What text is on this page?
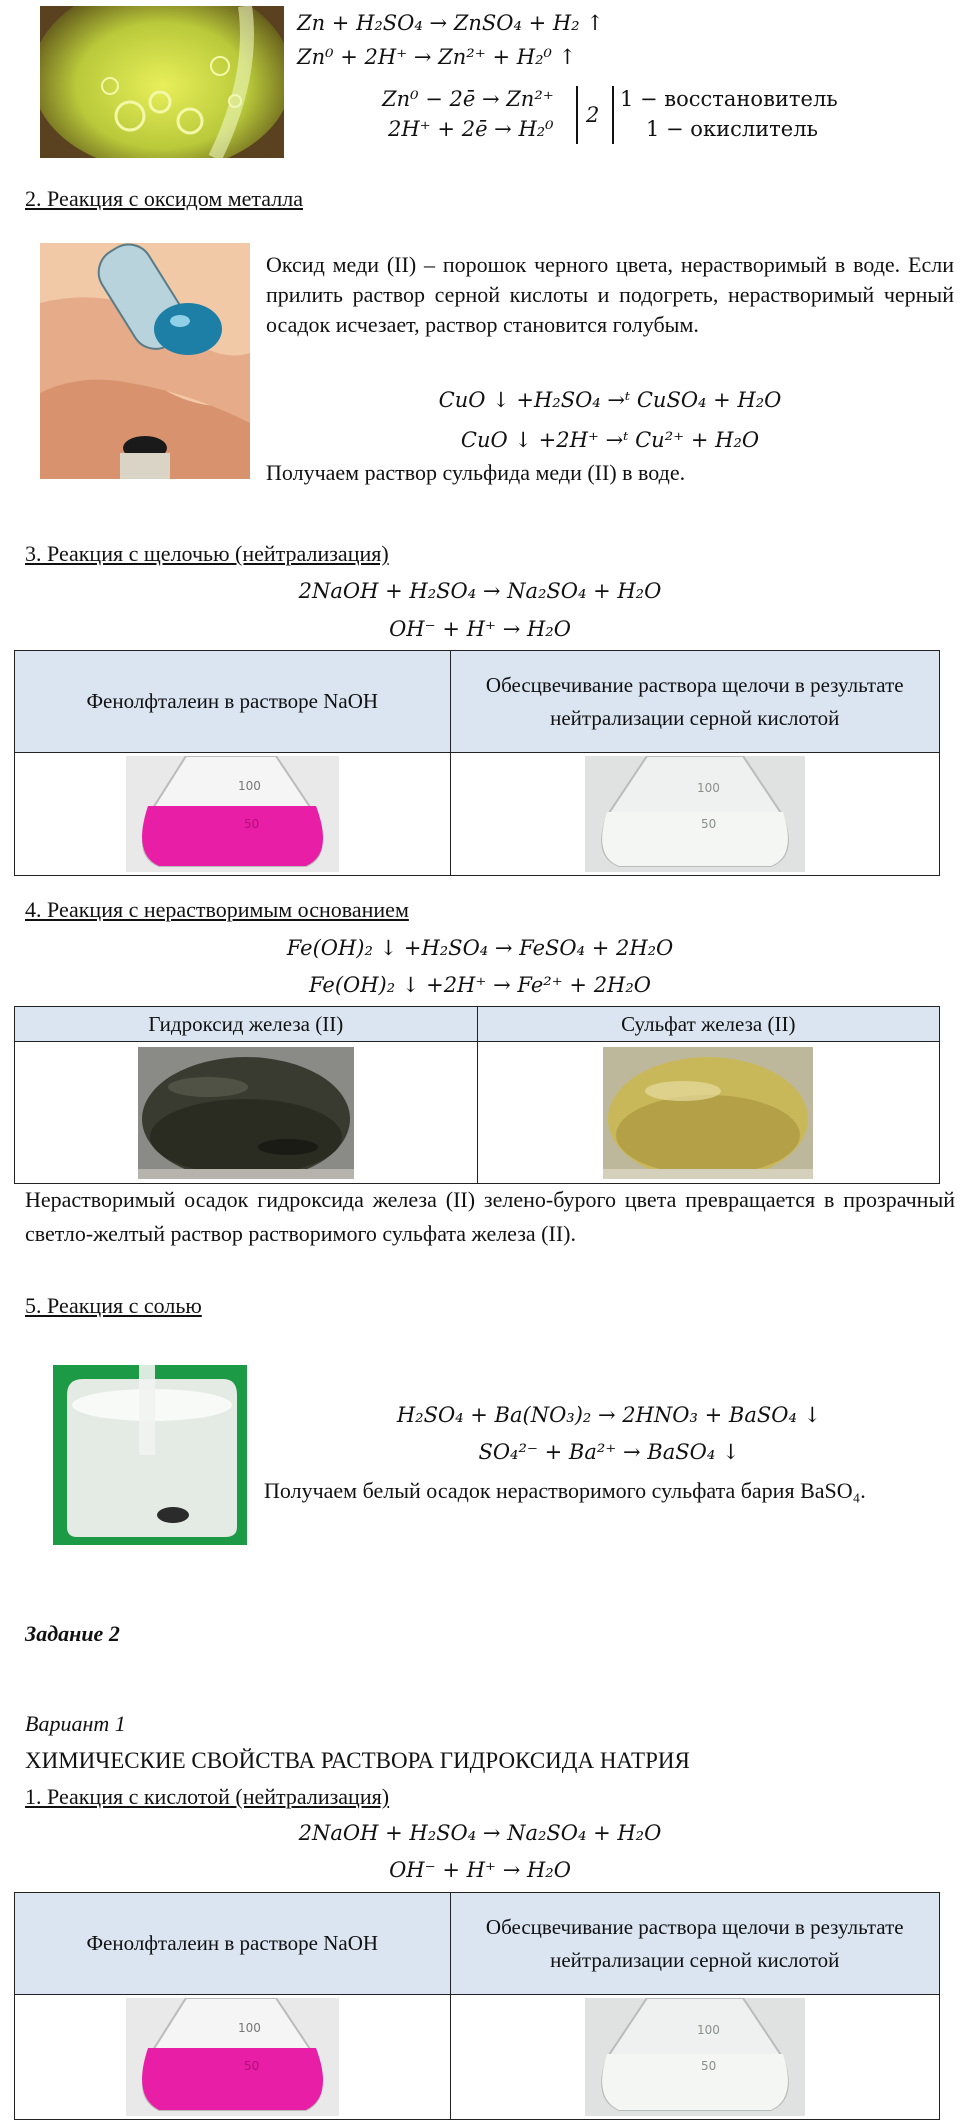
Zn + H₂SO₄ → ZnSO₄ + H₂ ↑
Zn⁰ + 2H⁺ → Zn²⁺ + H₂⁰ ↑
Zn⁰ − 2ē → Zn²⁺
2H⁺ + 2ē → H₂⁰
2
1 − восстановитель
1 − окислитель
2. Реакция с оксидом металла
Оксид меди (II) – порошок черного цвета, нерастворимый в воде. Если прилить раствор серной кислоты и подогреть, нерастворимый черный осадок исчезает, раствор становится голубым.
CuO ↓ +H₂SO₄ →ᵗ CuSO₄ + H₂O
CuO ↓ +2H⁺ →ᵗ Cu²⁺ + H₂O
Получаем раствор сульфида меди (II) в воде.
3. Реакция с щелочью (нейтрализация)
2NaOH + H₂SO₄ → Na₂SO₄ + H₂O
OH⁻ + H⁺ → H₂O
Фенолфталеин в растворе NaOH	Обесцвечивание раствора щелочи в результате нейтрализации серной кислотой

100
50	100
50
4. Реакция с нерастворимым основанием
Fe(OH)₂ ↓ +H₂SO₄ → FeSO₄ + 2H₂O
Fe(OH)₂ ↓ +2H⁺ → Fe²⁺ + 2H₂O
Гидроксид железа (II)	Сульфат железа (II)

Нерастворимый осадок гидроксида железа (II) зелено-бурого цвета превращается в прозрачный светло-желтый раствор растворимого сульфата железа (II).
5. Реакция с солью
H₂SO₄ + Ba(NO₃)₂ → 2HNO₃ + BaSO₄ ↓
SO₄²⁻ + Ba²⁺ → BaSO₄ ↓
Получаем белый осадок нерастворимого сульфата бария BaSO₄.
Задание 2
Вариант 1
ХИМИЧЕСКИЕ СВОЙСТВА РАСТВОРА ГИДРОКСИДА НАТРИЯ
1. Реакция с кислотой (нейтрализация)
2NaOH + H₂SO₄ → Na₂SO₄ + H₂O
OH⁻ + H⁺ → H₂O
Фенолфталеин в растворе NaOH	Обесцвечивание раствора щелочи в результате нейтрализации серной кислотой

100
50	100
50
